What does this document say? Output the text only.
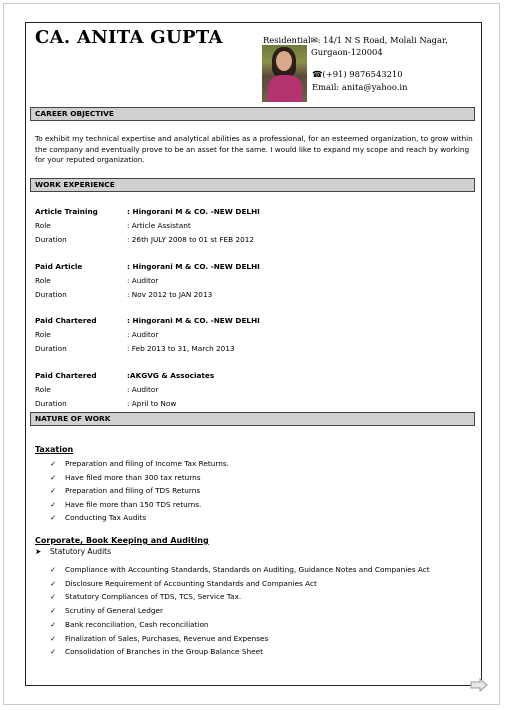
CA. ANITA GUPTA	Residential✉: 14/1 N S Road, Molali Nagar,
Gurgaon-120004
☎(+91) 9876543210
Email: anita@yahoo.in
CAREER OBJECTIVE
To exhibit my technical expertise and analytical abilities as a professional, for an esteemed organization, to grow within the company and eventually prove to be an asset for the same. I would like to expand my scope and reach by working for your reputed organization.
WORK EXPERIENCE
Article Training	: Hingorani M & CO. -NEW DELHI
Role	: Article Assistant
Duration	: 26th JULY 2008 to 01 st FEB 2012
Paid Article	: Hingorani M & CO. -NEW DELHI
Role	: Auditor
Duration	: Nov 2012 to JAN 2013
Paid Chartered	: Hingorani M & CO. -NEW DELHI
Role	: Auditor
Duration	: Feb 2013 to 31, March 2013
Paid Chartered	:AKGVG & Associates
Role	: Auditor
Duration	: April to Now
NATURE OF WORK
Taxation
✓ Preparation and filing of Income Tax Returns.
✓ Have filed more than 300 tax returns
✓ Preparation and filing of TDS Returns
✓ Have file more than 150 TDS returns.
✓ Conducting Tax Audits
Corporate, Book Keeping and Auditing
➤ Statutory Audits
✓ Compliance with Accounting Standards, Standards on Auditing, Guidance Notes and Companies Act
✓ Disclosure Requirement of Accounting Standards and Companies Act
✓ Statutory Compliances of TDS, TCS, Service Tax.
✓ Scrutiny of General Ledger
✓ Bank reconciliation, Cash reconciliation
✓ Finalization of Sales, Purchases, Revenue and Expenses
✓ Consolidation of Branches in the Group Balance Sheet
